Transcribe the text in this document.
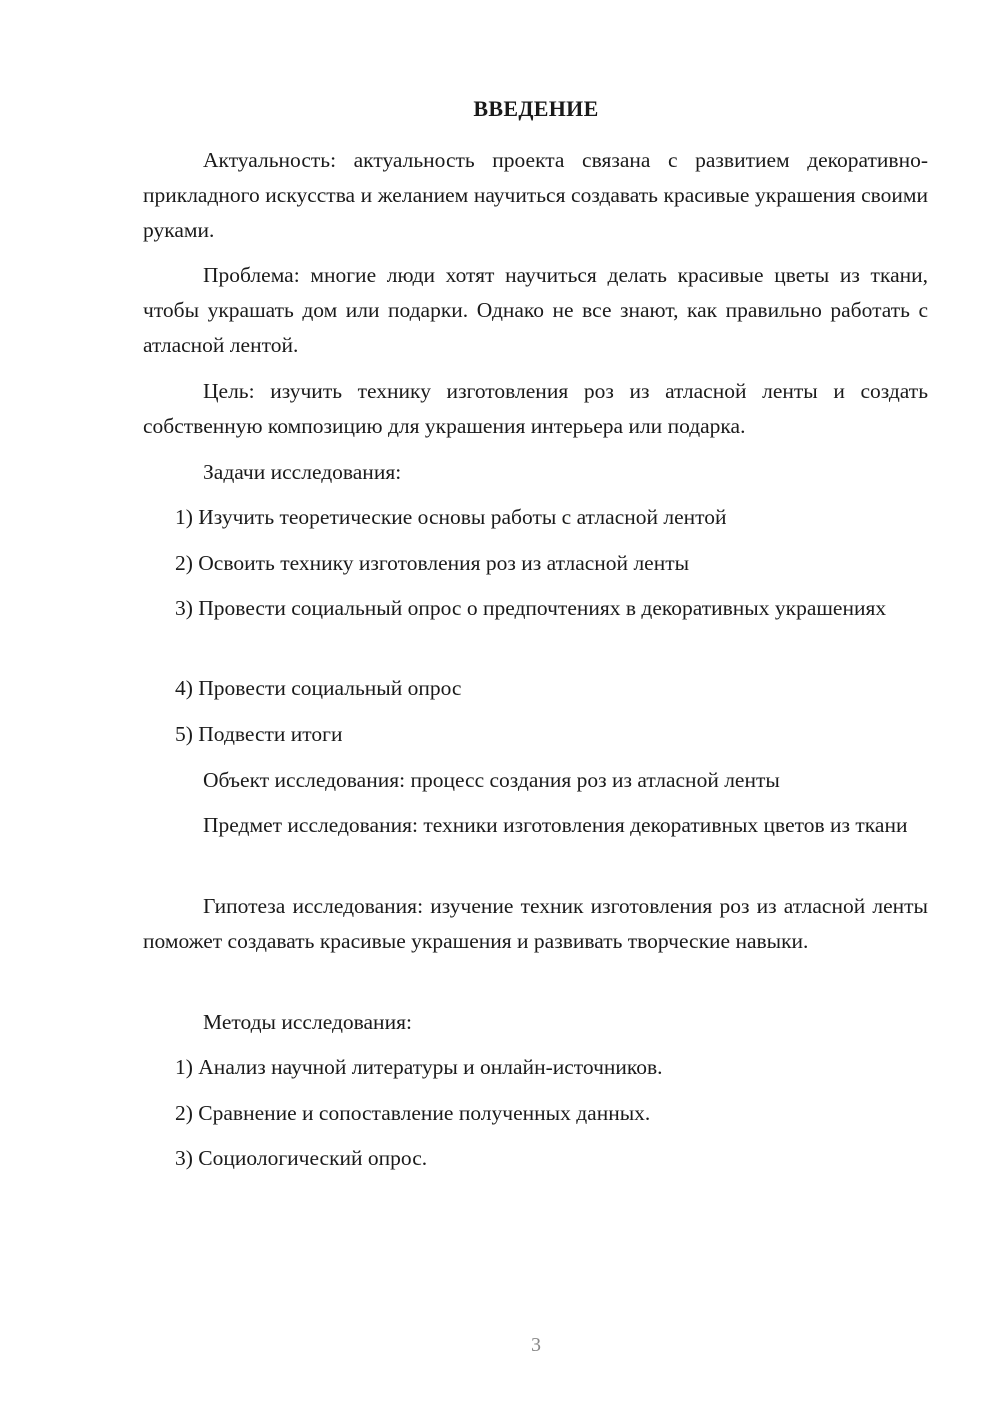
ВВЕДЕНИЕ
Актуальность: актуальность проекта связана с развитием декоративно-прикладного искусства и желанием научиться создавать красивые украшения своими руками.
Проблема: многие люди хотят научиться делать красивые цветы из ткани, чтобы украшать дом или подарки. Однако не все знают, как правильно работать с атласной лентой.
Цель: изучить технику изготовления роз из атласной ленты и создать собственную композицию для украшения интерьера или подарка.
Задачи исследования:
1) Изучить теоретические основы работы с атласной лентой
2) Освоить технику изготовления роз из атласной ленты
3) Провести социальный опрос о предпочтениях в декоративных украшениях
4) Провести социальный опрос
5) Подвести итоги
Объект исследования: процесс создания роз из атласной ленты
Предмет исследования: техники изготовления декоративных цветов из ткани
Гипотеза исследования: изучение техник изготовления роз из атласной ленты поможет создавать красивые украшения и развивать творческие навыки.
Методы исследования:
1) Анализ научной литературы и онлайн-источников.
2) Сравнение и сопоставление полученных данных.
3) Социологический опрос.
3
